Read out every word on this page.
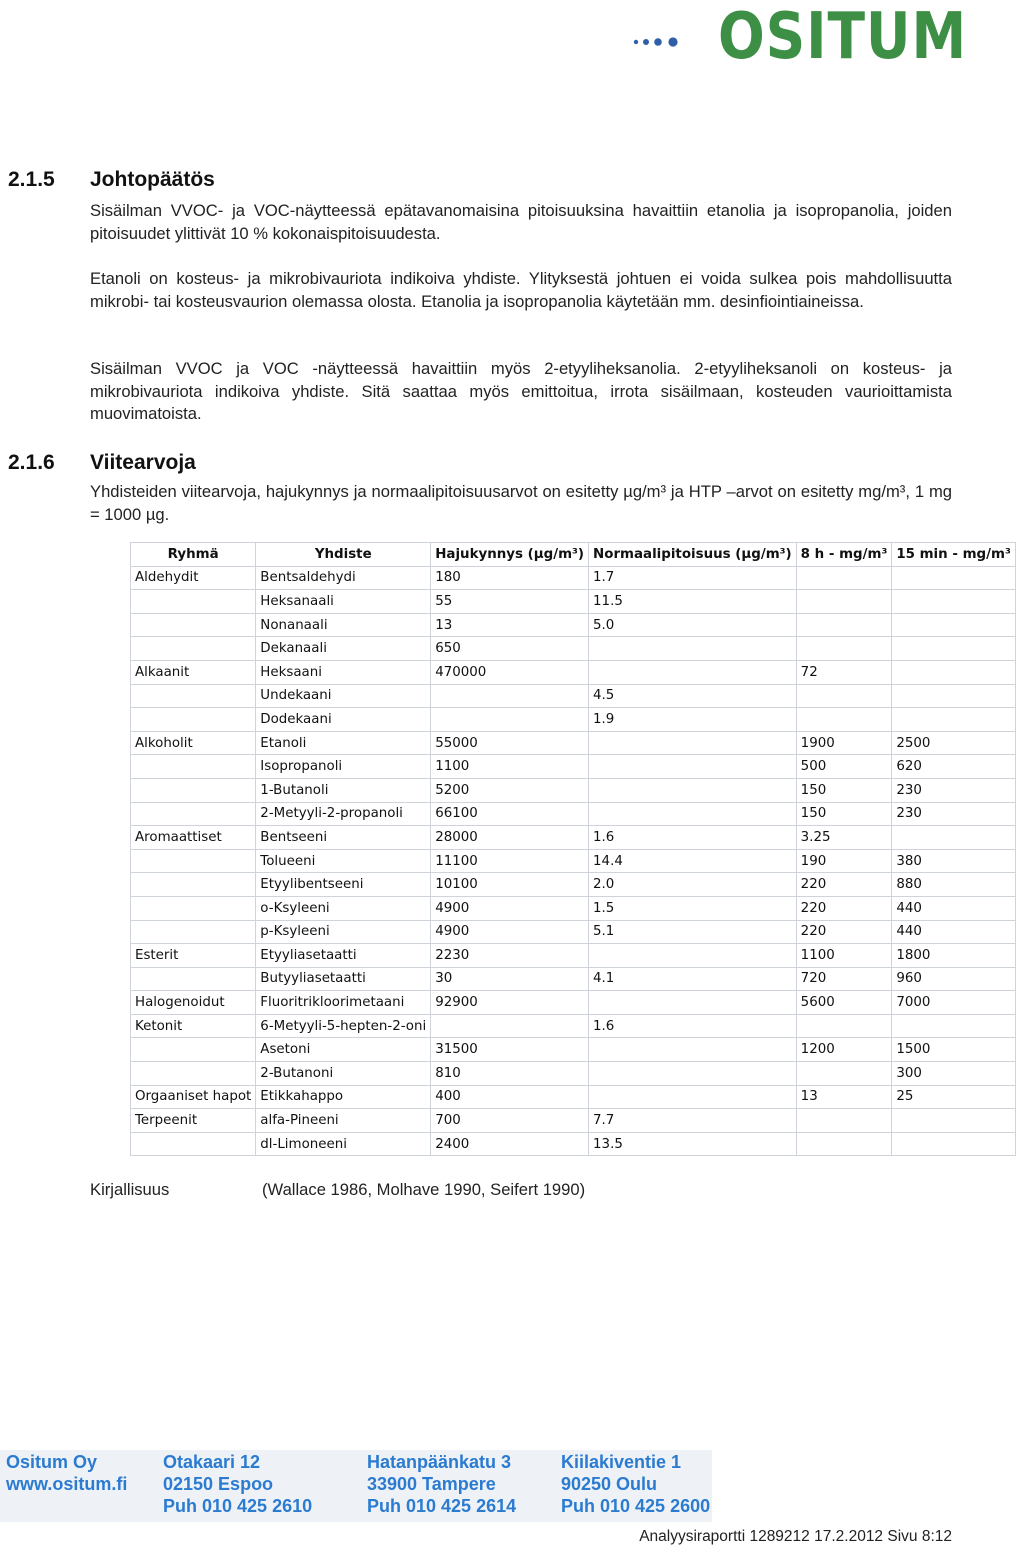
OSITUM
2.1.5 Johtopäätös
Sisäilman VVOC- ja VOC-näytteessä epätavanomaisina pitoisuuksina havaittiin etanolia ja isopropanolia, joiden pitoisuudet ylittivät 10 % kokonaispitoisuudesta.
Etanoli on kosteus- ja mikrobivauriota indikoiva yhdiste. Ylityksestä johtuen ei voida sulkea pois mahdollisuutta mikrobi- tai kosteusvaurion olemassa olosta. Etanolia ja isopropanolia käytetään mm. desinfiointiaineissa.
Sisäilman VVOC ja VOC -näytteessä havaittiin myös 2-etyyliheksanolia. 2-etyyliheksanoli on kosteus- ja mikrobivauriota indikoiva yhdiste. Sitä saattaa myös emittoitua, irrota sisäilmaan, kosteuden vaurioittamista muovimatoista.
2.1.6 Viitearvoja
Yhdisteiden viitearvoja, hajukynnys ja normaalipitoisuusarvot on esitetty µg/m³ ja HTP –arvot on esitetty mg/m³, 1 mg = 1000 µg.
Ryhmä	Yhdiste	Hajukynnys (µg/m³)	Normaalipitoisuus (µg/m³)	8 h - mg/m³	15 min - mg/m³
Aldehydit	Bentsaldehydi	180	1.7		
	Heksanaali	55	11.5		
	Nonanaali	13	5.0		
	Dekanaali	650			
Alkaanit	Heksaani	470000		72	
	Undekaani		4.5		
	Dodekaani		1.9		
Alkoholit	Etanoli	55000		1900	2500
	Isopropanoli	1100		500	620
	1-Butanoli	5200		150	230
	2-Metyyli-2-propanoli	66100		150	230
Aromaattiset	Bentseeni	28000	1.6	3.25	
	Tolueeni	11100	14.4	190	380
	Etyylibentseeni	10100	2.0	220	880
	o-Ksyleeni	4900	1.5	220	440
	p-Ksyleeni	4900	5.1	220	440
Esterit	Etyyliasetaatti	2230		1100	1800
	Butyyliasetaatti	30	4.1	720	960
Halogenoidut	Fluoritrikloorimetaani	92900		5600	7000
Ketonit	6-Metyyli-5-hepten-2-oni		1.6		
	Asetoni	31500		1200	1500
	2-Butanoni	810			300
Orgaaniset hapot	Etikkahappo	400		13	25
Terpeenit	alfa-Pineeni	700	7.7		
	dl-Limoneeni	2400	13.5		
Kirjallisuus	(Wallace 1986, Molhave 1990, Seifert 1990)
Ositum Oy
www.ositum.fi
Otakaari 12
02150 Espoo
Puh 010 425 2610
Hatanpäänkatu 3
33900 Tampere
Puh 010 425 2614
Kiilakiventie 1
90250 Oulu
Puh 010 425 2600
Analyysiraportti 1289212 17.2.2012 Sivu 8:12
